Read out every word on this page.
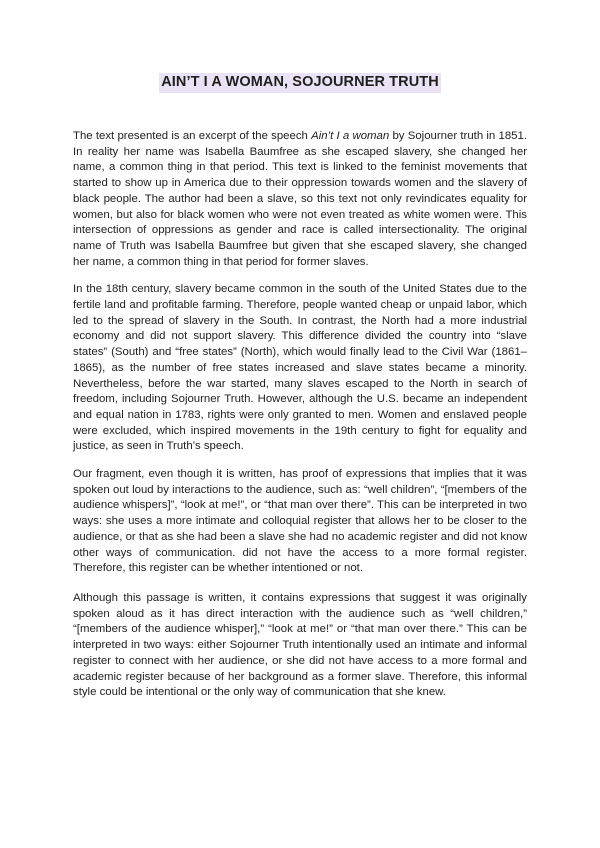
AIN’T I A WOMAN, SOJOURNER TRUTH

The text presented is an excerpt of the speech Ain’t I a woman by Sojourner truth in 1851. In reality her name was Isabella Baumfree as she escaped slavery, she changed her name, a common thing in that period. This text is linked to the feminist movements that started to show up in America due to their oppression towards women and the slavery of black people. The author had been a slave, so this text not only revindicates equality for women, but also for black women who were not even treated as white women were. This intersection of oppressions as gender and race is called intersectionality. The original name of Truth was Isabella Baumfree but given that she escaped slavery, she changed her name, a common thing in that period for former slaves.

In the 18th century, slavery became common in the south of the United States due to the fertile land and profitable farming. Therefore, people wanted cheap or unpaid labor, which led to the spread of slavery in the South. In contrast, the North had a more industrial economy and did not support slavery. This difference divided the country into “slave states” (South) and “free states” (North), which would finally lead to the Civil War (1861–1865), as the number of free states increased and slave states became a minority. Nevertheless, before the war started, many slaves escaped to the North in search of freedom, including Sojourner Truth. However, although the U.S. became an independent and equal nation in 1783, rights were only granted to men. Women and enslaved people were excluded, which inspired movements in the 19th century to fight for equality and justice, as seen in Truth’s speech.

Our fragment, even though it is written, has proof of expressions that implies that it was spoken out loud by interactions to the audience, such as: “well children”, “[members of the audience whispers]”, “look at me!”, or “that man over there”. This can be interpreted in two ways: she uses a more intimate and colloquial register that allows her to be closer to the audience, or that as she had been a slave she had no academic register and did not know other ways of communication. did not have the access to a more formal register. Therefore, this register can be whether intentioned or not.

Although this passage is written, it contains expressions that suggest it was originally spoken aloud as it has direct interaction with the audience such as “well children,” “[members of the audience whisper],” “look at me!” or “that man over there.” This can be interpreted in two ways: either Sojourner Truth intentionally used an intimate and informal register to connect with her audience, or she did not have access to a more formal and academic register because of her background as a former slave. Therefore, this informal style could be intentional or the only way of communication that she knew.
